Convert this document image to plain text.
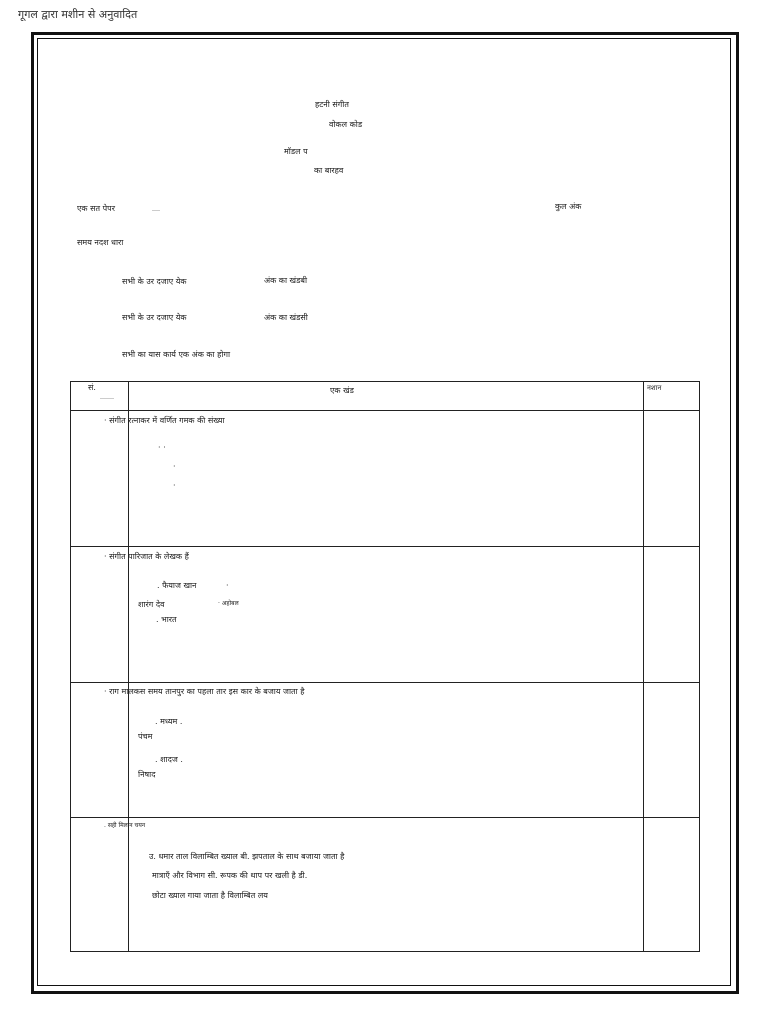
गूगल द्वारा मशीन से अनुवादित
हटनी संगीत
वोकल कोड
मॉडल प
का बारहव
एक सत पेपर	कुल अंक
समय नदश धारा
सभी के उर दजाए येक	अंक का खंडबी
सभी के उर दजाए येक	अंक का खंडसी
सभी का यास कार्य एक अंक का होगा
सं.	एक खंड	नशान
· संगीत रत्नाकर में वर्णित गमक की संख्या
· ·
·
·
· संगीत पारिजात के लेखक हैं
. फैयाज खान	·
शारंग देव	· अहोबल
. भारत
· राग मालकस समय तानपुर का पहला तार इस कार के बजाय जाता है
. मध्यम .
पंचम
. शादज .
निषाद
. सही मिलान चयन
उ. धमार ताल विलाम्बित ख्याल बी. झपताल के साथ बजाया जाता है
मात्राएँ और विभाग सी. रूपक की थाप पर खली है डी.
छोटा ख्याल गाया जाता है विलाम्बित लय
